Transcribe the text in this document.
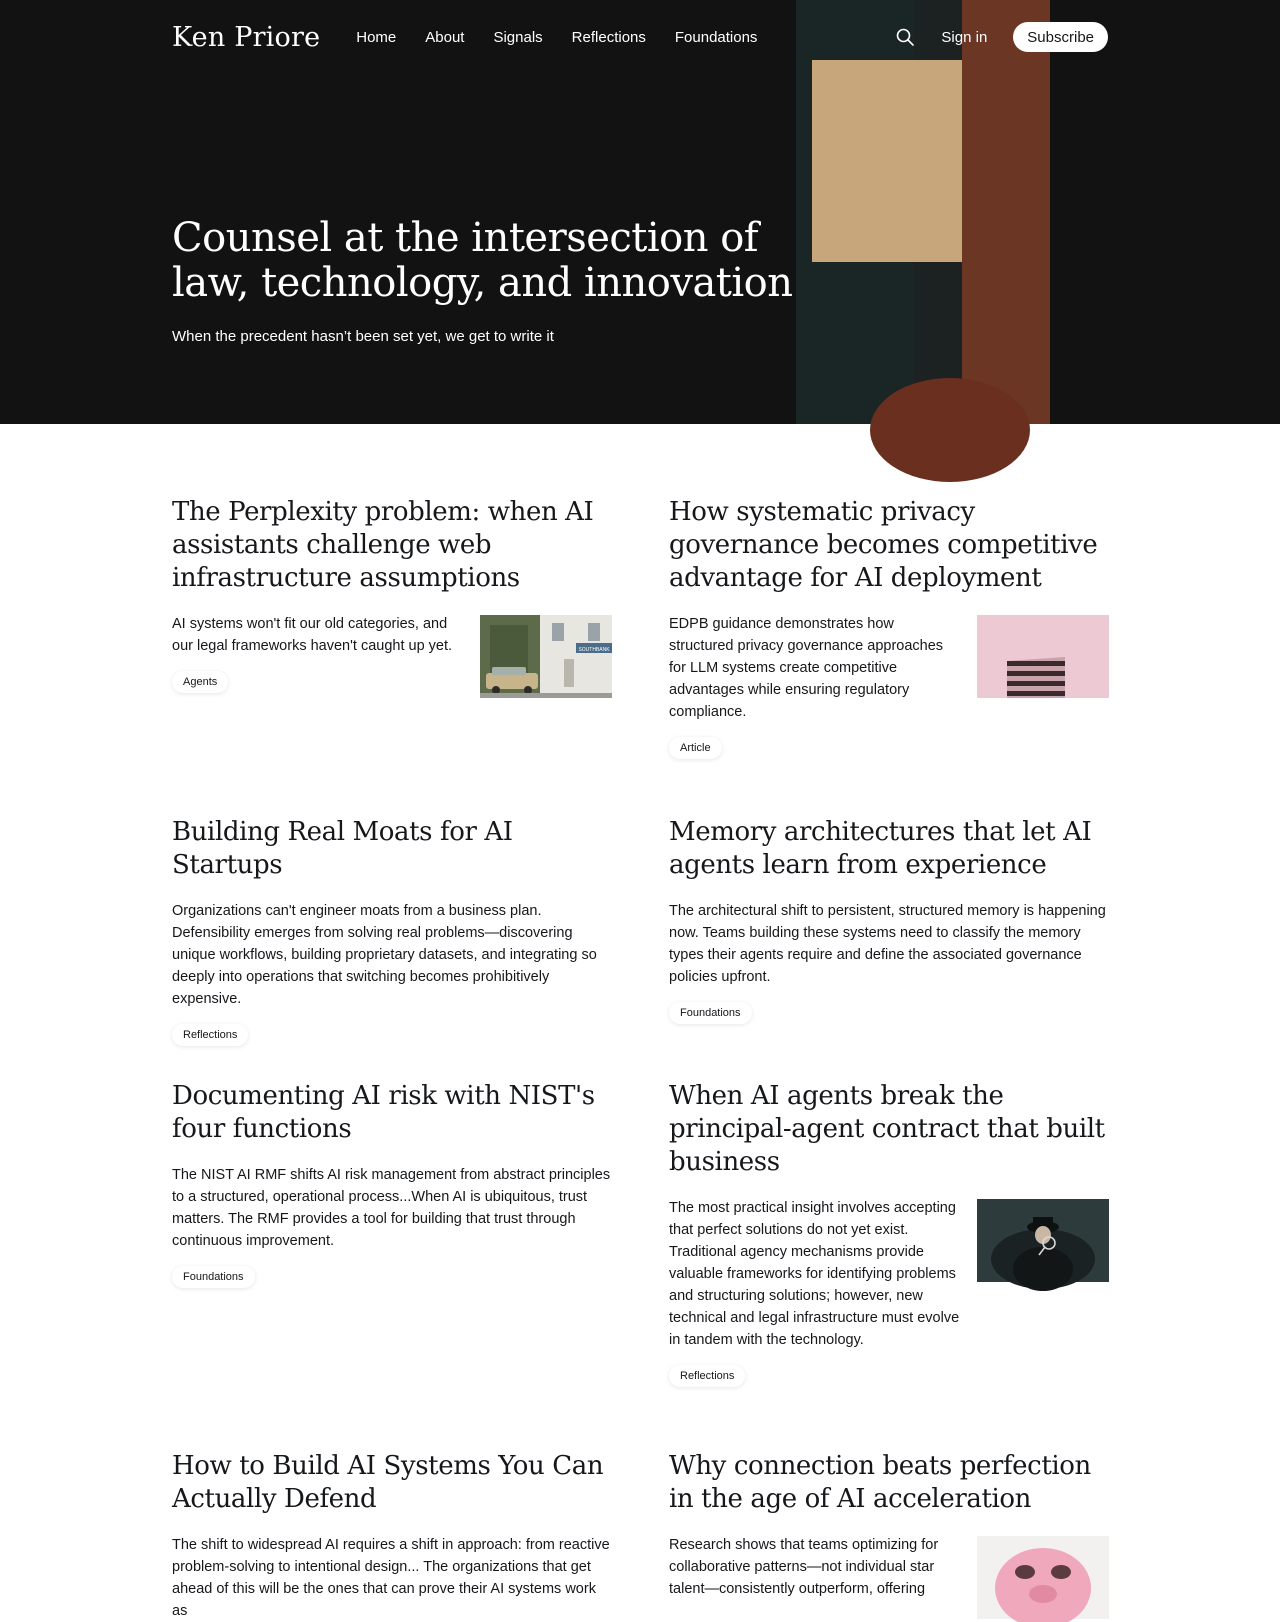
Ken Priore Home About Signals Reflections Foundations	Sign in	Subscribe
Counsel at the intersection of
law, technology, and innovation

When the precedent hasn’t been set yet, we get to write it

The Perplexity problem: when AI assistants challenge web infrastructure assumptions

AI systems won't fit our old categories, and our legal frameworks haven't caught up yet.

Agents
SOUTHBANK
How systematic privacy governance becomes competitive advantage for AI deployment

EDPB guidance demonstrates how structured privacy governance approaches for LLM systems create competitive advantages while ensuring regulatory compliance.

Article
Building Real Moats for AI Startups

Organizations can't engineer moats from a business plan. Defensibility emerges from solving real problems—discovering unique workflows, building proprietary datasets, and integrating so deeply into operations that switching becomes prohibitively expensive.

Reflections
Memory architectures that let AI agents learn from experience

The architectural shift to persistent, structured memory is happening now. Teams building these systems need to classify the memory types their agents require and define the associated governance policies upfront.

Foundations
Documenting AI risk with NIST's four functions

The NIST AI RMF shifts AI risk management from abstract principles to a structured, operational process...When AI is ubiquitous, trust matters. The RMF provides a tool for building that trust through continuous improvement.

Foundations
When AI agents break the principal-agent contract that built business

The most practical insight involves accepting that perfect solutions do not yet exist. Traditional agency mechanisms provide valuable frameworks for identifying problems and structuring solutions; however, new technical and legal infrastructure must evolve in tandem with the technology.

Reflections
How to Build AI Systems You Can Actually Defend

The shift to widespread AI requires a shift in approach: from reactive problem-solving to intentional design... The organizations that get ahead of this will be the ones that can prove their AI systems work as

Why connection beats perfection in the age of AI acceleration

Research shows that teams optimizing for collaborative patterns—not individual star talent—consistently outperform, offering
